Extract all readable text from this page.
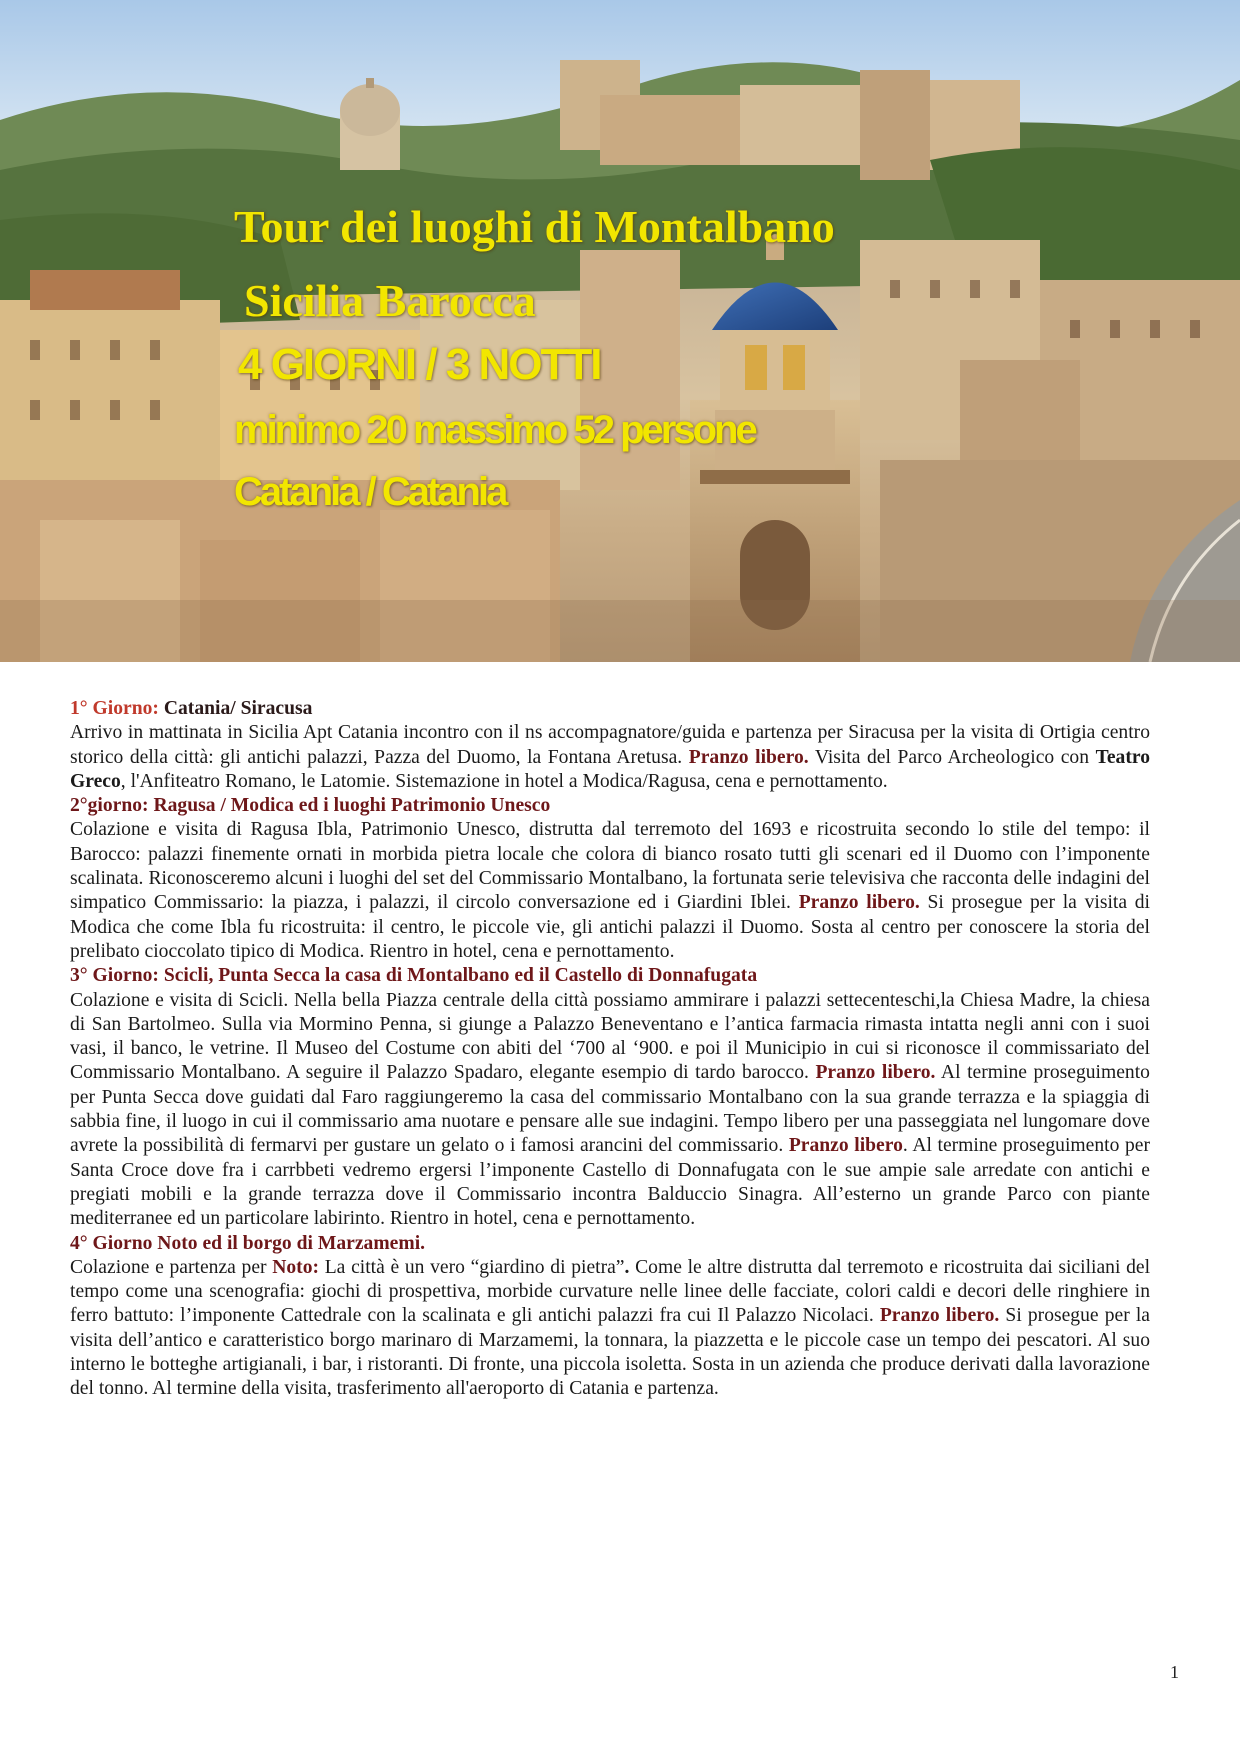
Tour dei luoghi di Montalbano
Sicilia Barocca
4 GIORNI / 3 NOTTI
minimo 20 massimo 52 persone
Catania / Catania

1° Giorno: Catania/ Siracusa

Arrivo in mattinata in Sicilia Apt Catania incontro con il ns accompagnatore/guida e partenza per Siracusa per la visita di Ortigia centro storico della città: gli antichi palazzi, Pazza del Duomo, la Fontana Aretusa. Pranzo libero. Visita del Parco Archeologico con Teatro Greco, l'Anfiteatro Romano, le Latomie. Sistemazione in hotel a Modica/Ragusa, cena e pernottamento.

2°giorno: Ragusa / Modica ed i luoghi Patrimonio Unesco

Colazione e visita di Ragusa Ibla, Patrimonio Unesco, distrutta dal terremoto del 1693 e ricostruita secondo lo stile del tempo: il Barocco: palazzi finemente ornati in morbida pietra locale che colora di bianco rosato tutti gli scenari ed il Duomo con l’imponente scalinata. Riconosceremo alcuni i luoghi del set del Commissario Montalbano, la fortunata serie televisiva che racconta delle indagini del simpatico Commissario: la piazza, i palazzi, il circolo conversazione ed i Giardini Iblei. Pranzo libero. Si prosegue per la visita di Modica che come Ibla fu ricostruita: il centro, le piccole vie, gli antichi palazzi il Duomo. Sosta al centro per conoscere la storia del prelibato cioccolato tipico di Modica. Rientro in hotel, cena e pernottamento.

3° Giorno: Scicli, Punta Secca la casa di Montalbano ed il Castello di Donnafugata

Colazione e visita di Scicli. Nella bella Piazza centrale della città possiamo ammirare i palazzi settecenteschi,la Chiesa Madre, la chiesa di San Bartolmeo. Sulla via Mormino Penna, si giunge a Palazzo Beneventano e l’antica farmacia rimasta intatta negli anni con i suoi vasi, il banco, le vetrine. Il Museo del Costume con abiti del ‘700 al ‘900. e poi il Municipio in cui si riconosce il commissariato del Commissario Montalbano. A seguire il Palazzo Spadaro, elegante esempio di tardo barocco. Pranzo libero. Al termine proseguimento per Punta Secca dove guidati dal Faro raggiungeremo la casa del commissario Montalbano con la sua grande terrazza e la spiaggia di sabbia fine, il luogo in cui il commissario ama nuotare e pensare alle sue indagini. Tempo libero per una passeggiata nel lungomare dove avrete la possibilità di fermarvi per gustare un gelato o i famosi arancini del commissario. Pranzo libero. Al termine proseguimento per Santa Croce dove fra i carrbbeti vedremo ergersi l’imponente Castello di Donnafugata con le sue ampie sale arredate con antichi e pregiati mobili e la grande terrazza dove il Commissario incontra Balduccio Sinagra. All’esterno un grande Parco con piante mediterranee ed un particolare labirinto. Rientro in hotel, cena e pernottamento.

4° Giorno Noto ed il borgo di Marzamemi.

Colazione e partenza per Noto: La città è un vero “giardino di pietra”. Come le altre distrutta dal terremoto e ricostruita dai siciliani del tempo come una scenografia: giochi di prospettiva, morbide curvature nelle linee delle facciate, colori caldi e decori delle ringhiere in ferro battuto: l’imponente Cattedrale con la scalinata e gli antichi palazzi fra cui Il Palazzo Nicolaci. Pranzo libero. Si prosegue per la visita dell’antico e caratteristico borgo marinaro di Marzamemi, la tonnara, la piazzetta e le piccole case un tempo dei pescatori. Al suo interno le botteghe artigianali, i bar, i ristoranti. Di fronte, una piccola isoletta. Sosta in un azienda che produce derivati dalla lavorazione del tonno. Al termine della visita, trasferimento all'aeroporto di Catania e partenza.

1
